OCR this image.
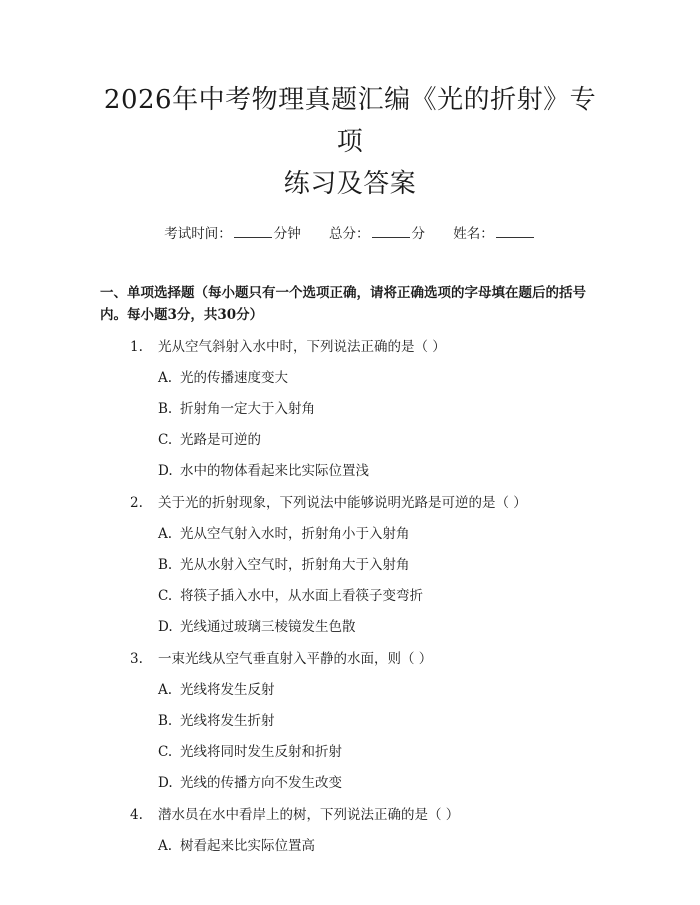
2026年中考物理真题汇编《光的折射》专项
练习及答案
考试时间：	分钟 总分：	分 姓名：
一、单项选择题（每小题只有一个选项正确，请将正确选项的字母填在题后的括号内。每小题3分，共30分）
1.	光从空气斜射入水中时，下列说法正确的是（ ）
A. 光的传播速度变大
B. 折射角一定大于入射角
C. 光路是可逆的
D. 水中的物体看起来比实际位置浅
2.	关于光的折射现象，下列说法中能够说明光路是可逆的是（ ）
A. 光从空气射入水时，折射角小于入射角
B. 光从水射入空气时，折射角大于入射角
C. 将筷子插入水中，从水面上看筷子变弯折
D. 光线通过玻璃三棱镜发生色散
3.	一束光线从空气垂直射入平静的水面，则（ ）
A. 光线将发生反射
B. 光线将发生折射
C. 光线将同时发生反射和折射
D. 光线的传播方向不发生改变
4.	潜水员在水中看岸上的树，下列说法正确的是（ ）
A. 树看起来比实际位置高
